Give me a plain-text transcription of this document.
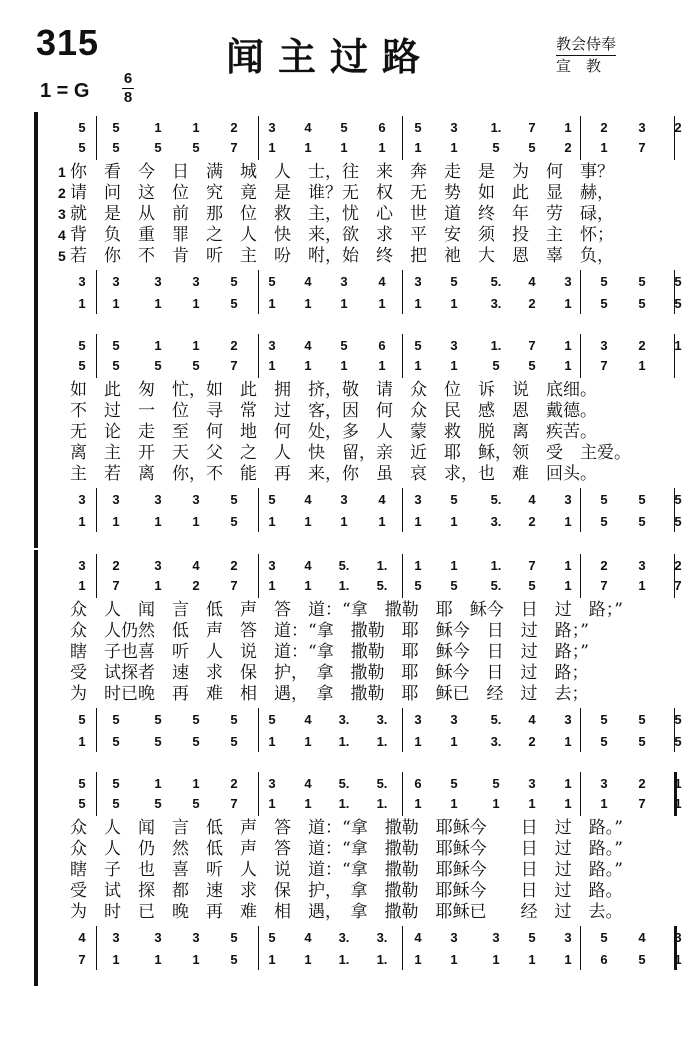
315	闻主过路	教会侍奉
宣　教
1 = G
6
8
5	5	1	1	2	3	4	5	6	5	3	1.	7	1	2	3	2
5	5	5	5	7	1	1	1	1	1	1	5	5	2	1	7
3	3	3	3	5	5	4	3	4	3	5	5.	4	3	5	5	5
1	1	1	1	5	1	1	1	1	1	1	3.	2	1	5	5	5
1 你　看　今　日　满　城　人　士，往　来　奔　走　是　为　何　事？
2 请　问　这　位　究　竟　是　谁？无　权　无　势　如　此　显　赫，
3 就　是　从　前　那　位　救　主，忧　心　世　道　终　年　劳　碌，
4 背　负　重　罪　之　人　快　来，欲　求　平　安　须　投　主　怀；
5 若　你　不　肯　听　主　吩　咐，始　终　把　祂　大　恩　辜　负，
5	5	1	1	2	3	4	5	6	5	3	1.	7	1	3	2	1
5	5	5	5	7	1	1	1	1	1	1	5	5	1	7	1
3	3	3	3	5	5	4	3	4	3	5	5.	4	3	5	5	5
1	1	1	1	5	1	1	1	1	1	1	3.	2	1	5	5	5
如　此　匆　忙，如　此　拥　挤，敬　请　众　位　诉　说　底细。
不　过　一　位　寻　常　过　客，因　何　众　民　感　恩　戴德。
无　论　走　至　何　地　何　处，多　人　蒙　救　脱　离　疾苦。
离　主　开　天　父　之　人　快　留，亲　近　耶　稣，领　受　主爱。
主　若　离　你，不　能　再　来，你　虽　哀　求，也　难　回头。
3	2	3	4	2	3	4	5.	1.	1	1	1.	7	1	2	3	2
1	7	1	2	7	1	1	1.	5.	5	5	5.	5	1	7	1	7
5	5	5	5	5	5	4	3.	3.	3	3	5.	4	3	5	5	5
1	5	5	5	5	1	1	1.	1.	1	1	3.	2	1	5	5	5
众　人　闻　言　低　声　答　道：“拿　撒勒　耶　稣今　日　过　路；”
众　人仍然　低　声　答　道：“拿　撒勒　耶　稣今　日　过　路；”
瞎　子也喜　听　人　说　道：“拿　撒勒　耶　稣今　日　过　路；”
受　试探者　速　求　保　护，　拿　撒勒　耶　稣今　日　过　路；
为　时已晚　再　难　相　遇，　拿　撒勒　耶　稣已　经　过　去；
5	5	1	1	2	3	4	5.	5.	6	5	5	3	1	3	2	1
5	5	5	5	7	1	1	1.	1.	1	1	1	1	1	1	7	1
4	3	3	3	5	5	4	3.	3.	4	3	3	5	3	5	4	3
7	1	1	1	5	1	1	1.	1.	1	1	1	1	1	6	5	1
众　人　闻　言　低　声　答　道：“拿　撒勒　耶稣今　　日　过　路。”
众　人　仍　然　低　声　答　道：“拿　撒勒　耶稣今　　日　过　路。”
瞎　子　也　喜　听　人　说　道：“拿　撒勒　耶稣今　　日　过　路。”
受　试　探　都　速　求　保　护，　拿　撒勒　耶稣今　　日　过　路。
为　时　已　晚　再　难　相　遇，　拿　撒勒　耶稣已　　经　过　去。
